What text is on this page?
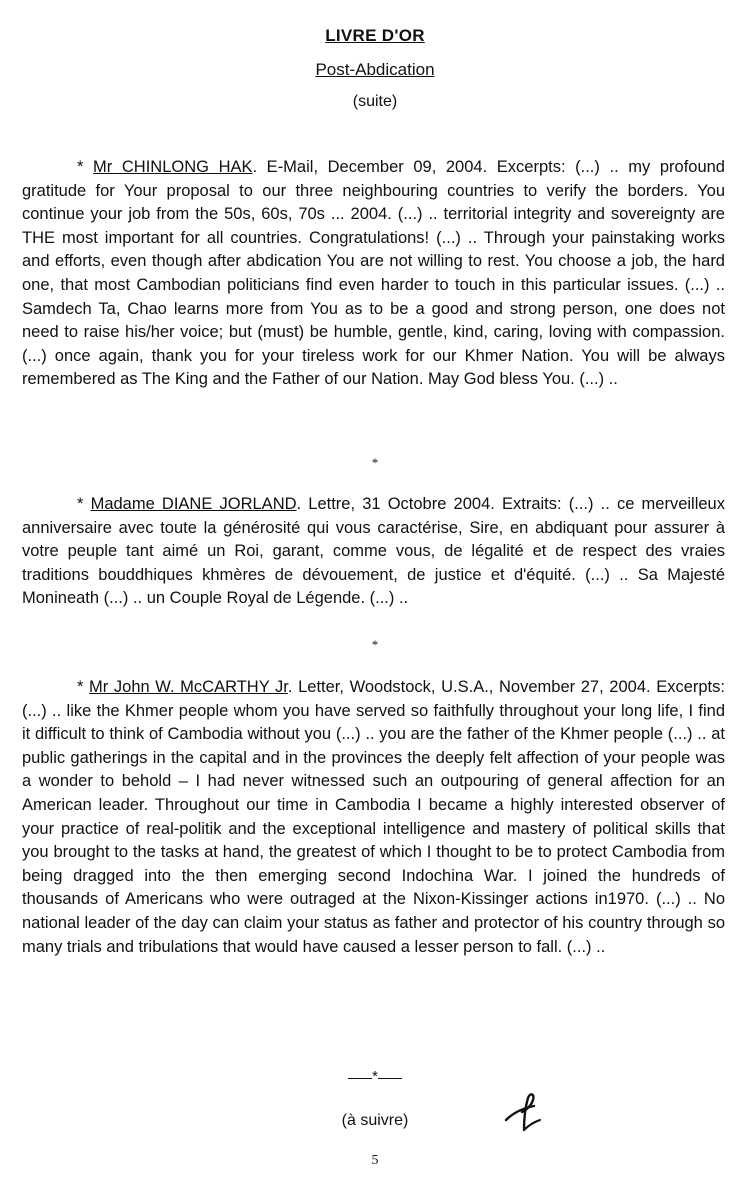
LIVRE D'OR
Post-Abdication
(suite)

* Mr CHINLONG HAK. E-Mail, December 09, 2004. Excerpts: (...) .. my profound gratitude for Your proposal to our three neighbouring countries to verify the borders. You continue your job from the 50s, 60s, 70s ... 2004. (...) .. territorial integrity and sovereignty are THE most important for all countries. Congratulations! (...) .. Through your painstaking works and efforts, even though after abdication You are not willing to rest. You choose a job, the hard one, that most Cambodian politicians find even harder to touch in this particular issues. (...) .. Samdech Ta, Chao learns more from You as to be a good and strong person, one does not need to raise his/her voice; but (must) be humble, gentle, kind, caring, loving with compassion. (...) once again, thank you for your tireless work for our Khmer Nation. You will be always remembered as The King and the Father of our Nation. May God bless You. (...) ..

*

* Madame DIANE JORLAND. Lettre, 31 Octobre 2004. Extraits: (...) .. ce merveilleux anniversaire avec toute la générosité qui vous caractérise, Sire, en abdiquant pour assurer à votre peuple tant aimé un Roi, garant, comme vous, de légalité et de respect des vraies traditions bouddhiques khmères de dévouement, de justice et d'équité. (...) .. Sa Majesté Monineath (...) .. un Couple Royal de Légende. (...) ..

*

* Mr John W. McCARTHY Jr. Letter, Woodstock, U.S.A., November 27, 2004. Excerpts: (...) .. like the Khmer people whom you have served so faithfully throughout your long life, I find it difficult to think of Cambodia without you (...) .. you are the father of the Khmer people (...) .. at public gatherings in the capital and in the provinces the deeply felt affection of your people was a wonder to behold – I had never witnessed such an outpouring of general affection for an American leader. Throughout our time in Cambodia I became a highly interested observer of your practice of real-politik and the exceptional intelligence and mastery of political skills that you brought to the tasks at hand, the greatest of which I thought to be to protect Cambodia from being dragged into the then emerging second Indochina War. I joined the hundreds of thousands of Americans who were outraged at the Nixon-Kissinger actions in1970. (...) .. No national leader of the day can claim your status as father and protector of his country through so many trials and tribulations that would have caused a lesser person to fall. (...) ..

*
(à suivre)
5
